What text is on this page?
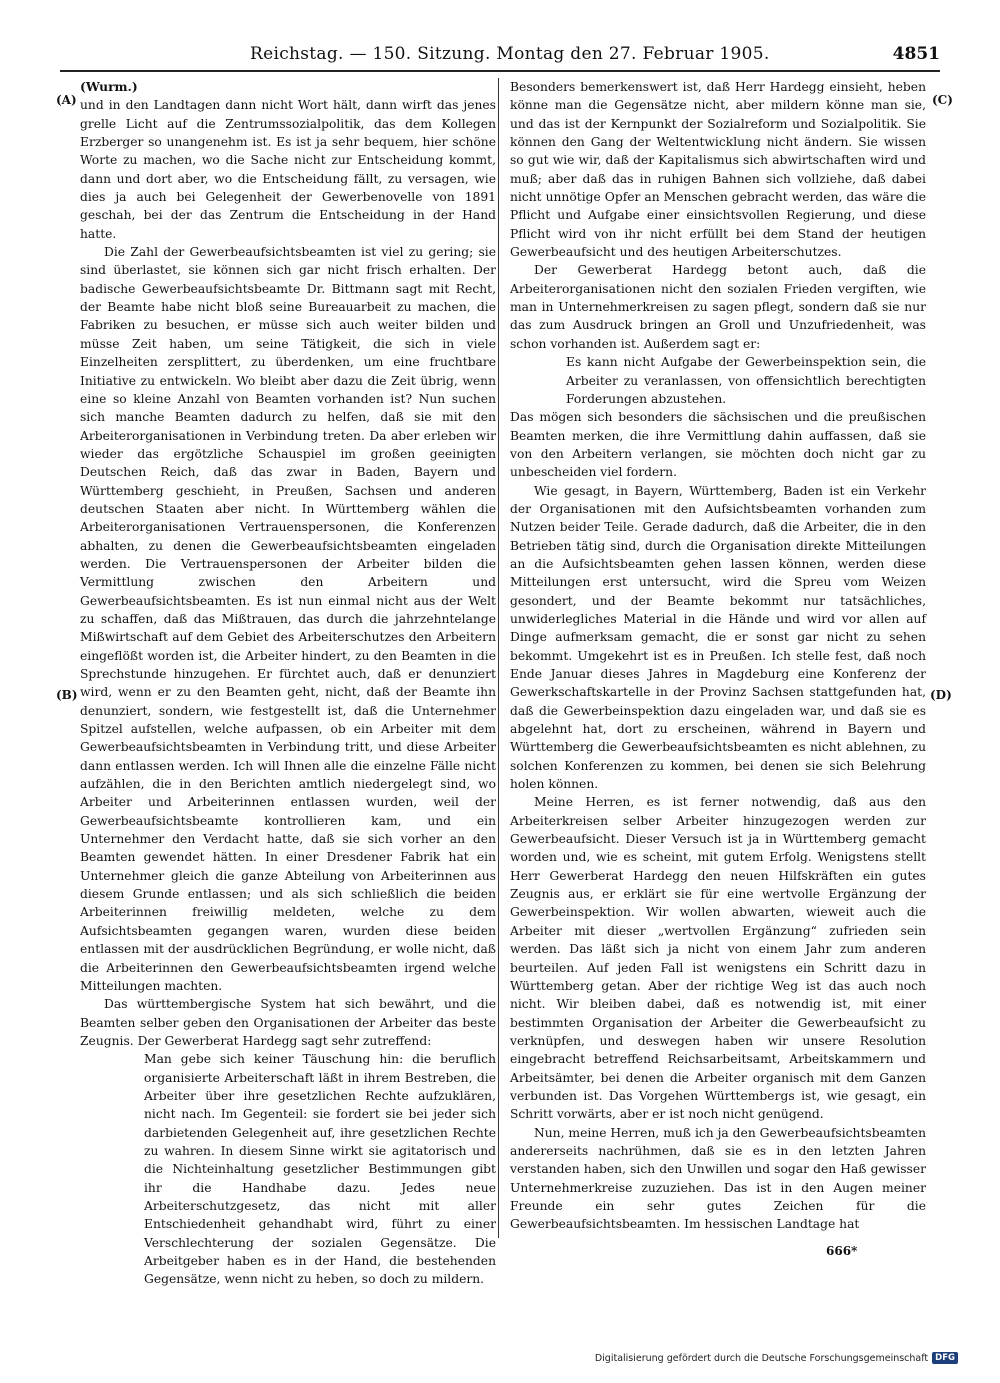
Reichstag. — 150. Sitzung. Montag den 27. Februar 1905.	4851
(A)
(B)
(C)
(D)

(Wurm.)

und in den Landtagen dann nicht Wort hält, dann wirft das jenes grelle Licht auf die Zentrumssozialpolitik, das dem Kollegen Erzberger so unangenehm ist. Es ist ja sehr bequem, hier schöne Worte zu machen, wo die Sache nicht zur Entscheidung kommt, dann und dort aber, wo die Entscheidung fällt, zu versagen, wie dies ja auch bei Gelegenheit der Gewerbenovelle von 1891 geschah, bei der das Zentrum die Entscheidung in der Hand hatte.

Die Zahl der Gewerbeaufsichtsbeamten ist viel zu gering; sie sind überlastet, sie können sich gar nicht frisch erhalten. Der badische Gewerbeaufsichtsbeamte Dr. Bittmann sagt mit Recht, der Beamte habe nicht bloß seine Bureauarbeit zu machen, die Fabriken zu besuchen, er müsse sich auch weiter bilden und müsse Zeit haben, um seine Tätigkeit, die sich in viele Einzelheiten zersplittert, zu überdenken, um eine fruchtbare Initiative zu entwickeln. Wo bleibt aber dazu die Zeit übrig, wenn eine so kleine Anzahl von Beamten vorhanden ist? Nun suchen sich manche Beamten dadurch zu helfen, daß sie mit den Arbeiterorganisationen in Verbindung treten. Da aber erleben wir wieder das ergötzliche Schauspiel im großen geeinigten Deutschen Reich, daß das zwar in Baden, Bayern und Württemberg geschieht, in Preußen, Sachsen und anderen deutschen Staaten aber nicht. In Württemberg wählen die Arbeiterorganisationen Vertrauenspersonen, die Konferenzen abhalten, zu denen die Gewerbeaufsichtsbeamten eingeladen werden. Die Vertrauenspersonen der Arbeiter bilden die Vermittlung zwischen den Arbeitern und Gewerbeaufsichtsbeamten. Es ist nun einmal nicht aus der Welt zu schaffen, daß das Mißtrauen, das durch die jahrzehntelange Mißwirtschaft auf dem Gebiet des Arbeiterschutzes den Arbeitern eingeflößt worden ist, die Arbeiter hindert, zu den Beamten in die Sprechstunde hinzugehen. Er fürchtet auch, daß er denunziert wird, wenn er zu den Beamten geht, nicht, daß der Beamte ihn denunziert, sondern, wie festgestellt ist, daß die Unternehmer Spitzel aufstellen, welche aufpassen, ob ein Arbeiter mit dem Gewerbeaufsichtsbeamten in Verbindung tritt, und diese Arbeiter dann entlassen werden. Ich will Ihnen alle die einzelne Fälle nicht aufzählen, die in den Berichten amtlich niedergelegt sind, wo Arbeiter und Arbeiterinnen entlassen wurden, weil der Gewerbeaufsichtsbeamte kontrollieren kam, und ein Unternehmer den Verdacht hatte, daß sie sich vorher an den Beamten gewendet hätten. In einer Dresdener Fabrik hat ein Unternehmer gleich die ganze Abteilung von Arbeiterinnen aus diesem Grunde entlassen; und als sich schließlich die beiden Arbeiterinnen freiwillig meldeten, welche zu dem Aufsichtsbeamten gegangen waren, wurden diese beiden entlassen mit der ausdrücklichen Begründung, er wolle nicht, daß die Arbeiterinnen den Gewerbeaufsichtsbeamten irgend welche Mitteilungen machten.

Das württembergische System hat sich bewährt, und die Beamten selber geben den Organisationen der Arbeiter das beste Zeugnis. Der Gewerberat Hardegg sagt sehr zutreffend:

Man gebe sich keiner Täuschung hin: die beruflich organisierte Arbeiterschaft läßt in ihrem Bestreben, die Arbeiter über ihre gesetzlichen Rechte aufzuklären, nicht nach. Im Gegenteil: sie fordert sie bei jeder sich darbietenden Gelegenheit auf, ihre gesetzlichen Rechte zu wahren. In diesem Sinne wirkt sie agitatorisch und die Nichteinhaltung gesetzlicher Bestimmungen gibt ihr die Handhabe dazu. Jedes neue Arbeiterschutzgesetz, das nicht mit aller Entschiedenheit gehandhabt wird, führt zu einer Verschlechterung der sozialen Gegensätze. Die Arbeitgeber haben es in der Hand, die bestehenden Gegensätze, wenn nicht zu heben, so doch zu mildern.

Besonders bemerkenswert ist, daß Herr Hardegg einsieht, heben könne man die Gegensätze nicht, aber mildern könne man sie, und das ist der Kernpunkt der Sozialreform und Sozialpolitik. Sie können den Gang der Weltentwicklung nicht ändern. Sie wissen so gut wie wir, daß der Kapitalismus sich abwirtschaften wird und muß; aber daß das in ruhigen Bahnen sich vollziehe, daß dabei nicht unnötige Opfer an Menschen gebracht werden, das wäre die Pflicht und Aufgabe einer einsichtsvollen Regierung, und diese Pflicht wird von ihr nicht erfüllt bei dem Stand der heutigen Gewerbeaufsicht und des heutigen Arbeiterschutzes.

Der Gewerberat Hardegg betont auch, daß die Arbeiterorganisationen nicht den sozialen Frieden vergiften, wie man in Unternehmerkreisen zu sagen pflegt, sondern daß sie nur das zum Ausdruck bringen an Groll und Unzufriedenheit, was schon vorhanden ist. Außerdem sagt er:

Es kann nicht Aufgabe der Gewerbeinspektion sein, die Arbeiter zu veranlassen, von offensichtlich berechtigten Forderungen abzustehen.

Das mögen sich besonders die sächsischen und die preußischen Beamten merken, die ihre Vermittlung dahin auffassen, daß sie von den Arbeitern verlangen, sie möchten doch nicht gar zu unbescheiden viel fordern.

Wie gesagt, in Bayern, Württemberg, Baden ist ein Verkehr der Organisationen mit den Aufsichtsbeamten vorhanden zum Nutzen beider Teile. Gerade dadurch, daß die Arbeiter, die in den Betrieben tätig sind, durch die Organisation direkte Mitteilungen an die Aufsichtsbeamten gehen lassen können, werden diese Mitteilungen erst untersucht, wird die Spreu vom Weizen gesondert, und der Beamte bekommt nur tatsächliches, unwiderlegliches Material in die Hände und wird vor allen auf Dinge aufmerksam gemacht, die er sonst gar nicht zu sehen bekommt. Umgekehrt ist es in Preußen. Ich stelle fest, daß noch Ende Januar dieses Jahres in Magdeburg eine Konferenz der Gewerkschaftskartelle in der Provinz Sachsen stattgefunden hat, daß die Gewerbeinspektion dazu eingeladen war, und daß sie es abgelehnt hat, dort zu erscheinen, während in Bayern und Württemberg die Gewerbeaufsichtsbeamten es nicht ablehnen, zu solchen Konferenzen zu kommen, bei denen sie sich Belehrung holen können.

Meine Herren, es ist ferner notwendig, daß aus den Arbeiterkreisen selber Arbeiter hinzugezogen werden zur Gewerbeaufsicht. Dieser Versuch ist ja in Württemberg gemacht worden und, wie es scheint, mit gutem Erfolg. Wenigstens stellt Herr Gewerberat Hardegg den neuen Hilfskräften ein gutes Zeugnis aus, er erklärt sie für eine wertvolle Ergänzung der Gewerbeinspektion. Wir wollen abwarten, wieweit auch die Arbeiter mit dieser „wertvollen Ergänzung“ zufrieden sein werden. Das läßt sich ja nicht von einem Jahr zum anderen beurteilen. Auf jeden Fall ist wenigstens ein Schritt dazu in Württemberg getan. Aber der richtige Weg ist das auch noch nicht. Wir bleiben dabei, daß es notwendig ist, mit einer bestimmten Organisation der Arbeiter die Gewerbeaufsicht zu verknüpfen, und deswegen haben wir unsere Resolution eingebracht betreffend Reichsarbeitsamt, Arbeitskammern und Arbeitsämter, bei denen die Arbeiter organisch mit dem Ganzen verbunden ist. Das Vorgehen Württembergs ist, wie gesagt, ein Schritt vorwärts, aber er ist noch nicht genügend.

Nun, meine Herren, muß ich ja den Gewerbeaufsichtsbeamten andererseits nachrühmen, daß sie es in den letzten Jahren verstanden haben, sich den Unwillen und sogar den Haß gewisser Unternehmerkreise zuzuziehen. Das ist in den Augen meiner Freunde ein sehr gutes Zeichen für die Gewerbeaufsichtsbeamten. Im hessischen Landtage hat

666*
Digitalisierung gefördert durch die Deutsche Forschungsgemeinschaft DFG
